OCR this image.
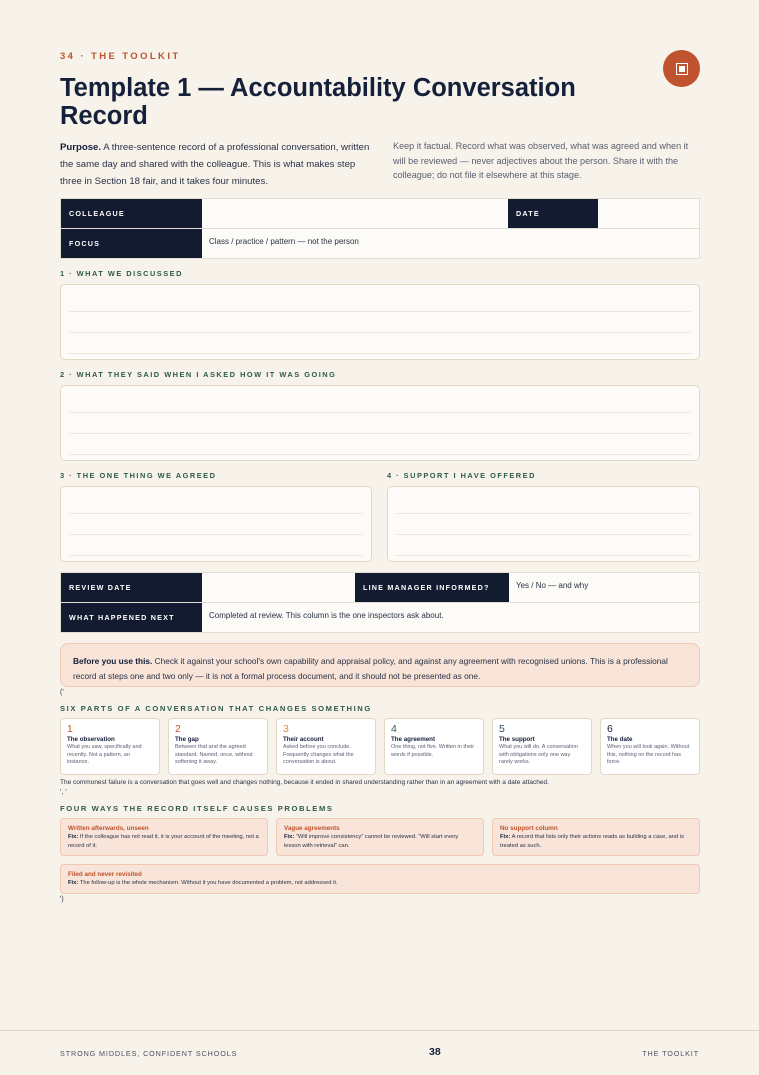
34 · THE TOOLKIT
Template 1 — Accountability Conversation Record

Purpose. A three-sentence record of a professional conversation, written the same day and shared with the colleague. This is what makes step three in Section 18 fair, and it takes four minutes.

Keep it factual. Record what was observed, what was agreed and when it will be reviewed — never adjectives about the person. Share it with the colleague; do not file it elsewhere at this stage.

COLLEAGUE	DATE
FOCUS	Class / practice / pattern — not the person
1 · WHAT WE DISCUSSED
2 · WHAT THEY SAID WHEN I ASKED HOW IT WAS GOING
3 · THE ONE THING WE AGREED	4 · SUPPORT I HAVE OFFERED
REVIEW DATE	LINE MANAGER INFORMED?	Yes / No — and why
WHAT HAPPENED NEXT	Completed at review. This column is the one inspectors ask about.
Before you use this. Check it against your school's own capability and appraisal policy, and against any agreement with recognised unions. This is a professional record at steps one and two only — it is not a formal process document, and it should not be presented as one.
('
SIX PARTS OF A CONVERSATION THAT CHANGES SOMETHING
1
The observation
What you saw, specifically and recently. Not a pattern, an instance.
2
The gap
Between that and the agreed standard. Named, once, without softening it away.
3
Their account
Asked before you conclude. Frequently changes what the conversation is about.
4
The agreement
One thing, not five. Written in their words if possible.
5
The support
What you will do. A conversation with obligations only one way rarely works.
6
The date
When you will look again. Without this, nothing on the record has force.
The commonest failure is a conversation that goes well and changes nothing, because it ended in shared understanding rather than in an agreement with a date attached.
', '
FOUR WAYS THE RECORD ITSELF CAUSES PROBLEMS
Written afterwards, unseen
Fix: If the colleague has not read it, it is your account of the meeting, not a record of it.
Vague agreements
Fix: “Will improve consistency” cannot be reviewed. “Will start every lesson with retrieval” can.
No support column
Fix: A record that lists only their actions reads as building a case, and is treated as such.
Filed and never revisited
Fix: The follow-up is the whole mechanism. Without it you have documented a problem, not addressed it.
')
STRONG MIDDLES, CONFIDENT SCHOOLS	38	THE TOOLKIT
